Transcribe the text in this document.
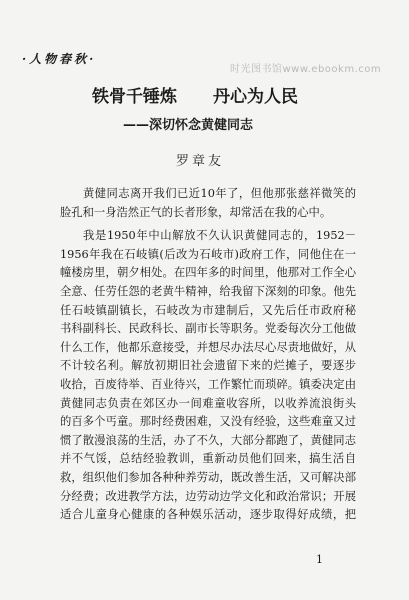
·人物春秋·
时光图书馆www.ebookm.com
铁骨千锤炼 丹心为人民
——深切怀念黄健同志
罗章友
黄健同志离开我们已近10年了，但他那张慈祥微笑的
脸孔和一身浩然正气的长者形象，却常活在我的心中。
我是1950年中山解放不久认识黄健同志的，1952－
1956年我在石岐镇(后改为石岐市)政府工作，同他住在一
幢楼房里，朝夕相处。在四年多的时间里，他那对工作全心
全意、任劳任怨的老黄牛精神，给我留下深刻的印象。他先
任石岐镇副镇长，石岐改为市建制后，又先后任市政府秘
书科副科长、民政科长、副市长等职务。党委每次分工他做
什么工作，他都乐意接受，并想尽办法尽心尽责地做好，从
不计较名利。解放初期旧社会遗留下来的烂摊子，要逐步
收拾，百废待举、百业待兴，工作繁忙而琐碎。镇委决定由
黄健同志负责在郊区办一间难童收容所，以收养流浪街头
的百多个丐童。那时经费困难，又没有经验，这些难童又过
惯了散漫浪荡的生活，办了不久，大部分都跑了，黄健同志
并不气馁，总结经验教训，重新动员他们回来，搞生活自
救，组织他们参加各种种养劳动，既改善生活，又可解决部
分经费；改进教学方法，边劳动边学文化和政治常识；开展
适合儿童身心健康的各种娱乐活动，逐步取得好成绩，把
1
